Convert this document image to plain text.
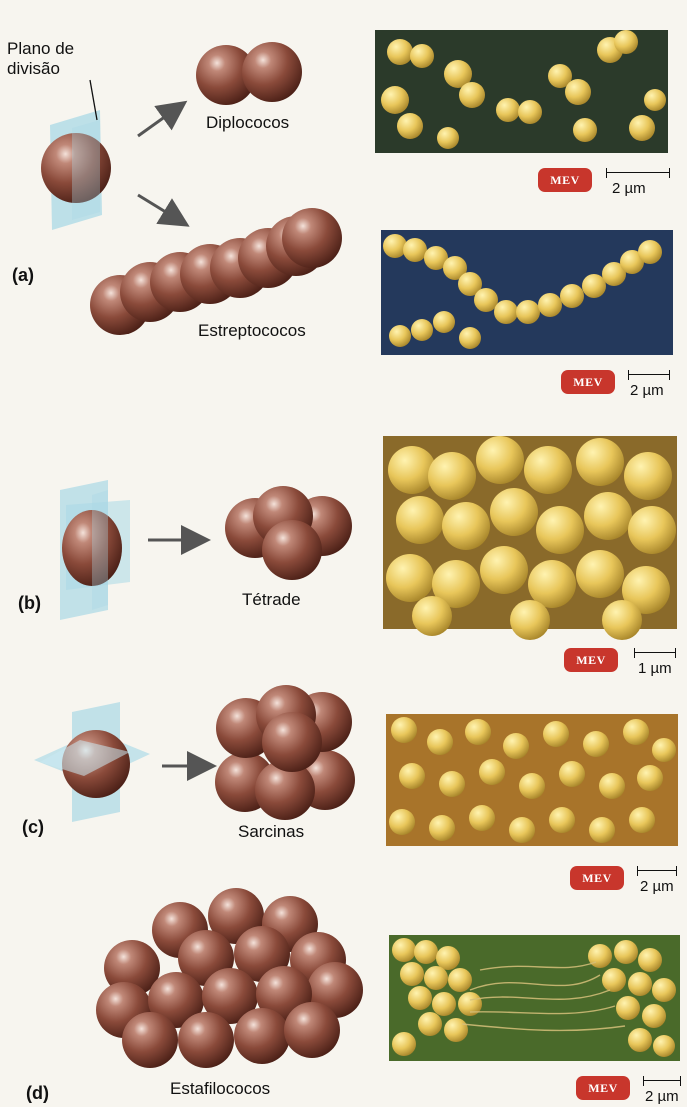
Plano de
divisão
Diplococos
Estreptococos
Tétrade
Sarcinas
Estafilococos
(a)
(b)
(c)
(d)
MEV
2 µm
MEV
2 µm
MEV
1 µm
MEV
2 µm
MEV
2 µm
